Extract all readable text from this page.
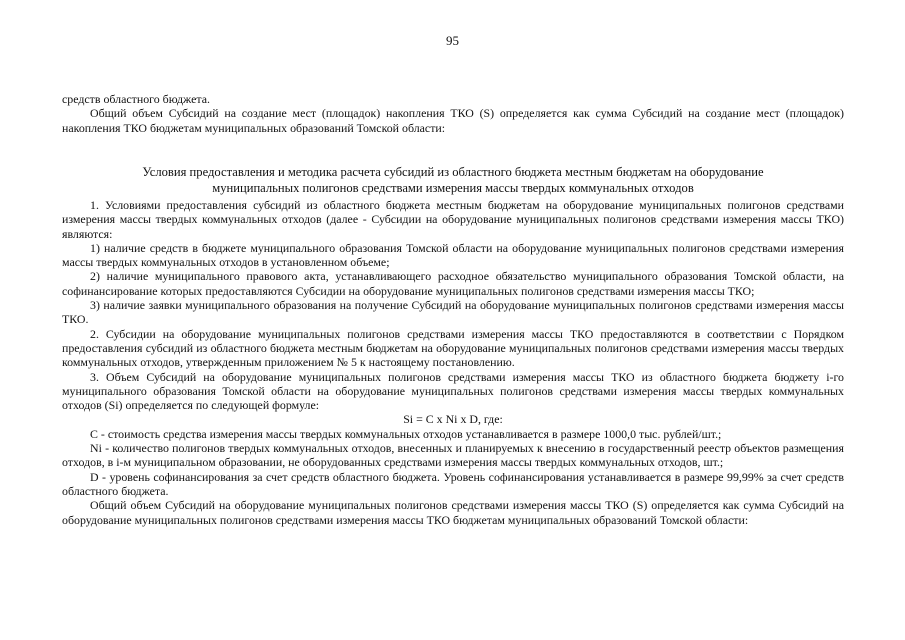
95

средств областного бюджета.

Общий объем Субсидий на создание мест (площадок) накопления ТКО (S) определяется как сумма Субсидий на создание мест (площадок) накопления ТКО бюджетам муниципальных образований Томской области:

Условия предоставления и методика расчета субсидий из областного бюджета местным бюджетам на оборудование
муниципальных полигонов средствами измерения массы твердых коммунальных отходов

1. Условиями предоставления субсидий из областного бюджета местным бюджетам на оборудование муниципальных полигонов средствами измерения массы твердых коммунальных отходов (далее - Субсидии на оборудование муниципальных полигонов средствами измерения массы ТКО) являются:

1) наличие средств в бюджете муниципального образования Томской области на оборудование муниципальных полигонов средствами измерения массы твердых коммунальных отходов в установленном объеме;

2) наличие муниципального правового акта, устанавливающего расходное обязательство муниципального образования Томской области, на софинансирование которых предоставляются Субсидии на оборудование муниципальных полигонов средствами измерения массы ТКО;

3) наличие заявки муниципального образования на получение Субсидий на оборудование муниципальных полигонов средствами измерения массы ТКО.

2. Субсидии на оборудование муниципальных полигонов средствами измерения массы ТКО предоставляются в соответствии с Порядком предоставления субсидий из областного бюджета местным бюджетам на оборудование муниципальных полигонов средствами измерения массы твердых коммунальных отходов, утвержденным приложением № 5 к настоящему постановлению.

3. Объем Субсидий на оборудование муниципальных полигонов средствами измерения массы ТКО из областного бюджета бюджету i-го муниципального образования Томской области на оборудование муниципальных полигонов средствами измерения массы твердых коммунальных отходов (Si) определяется по следующей формуле:

Si = C x Ni x D, где:

C - стоимость средства измерения массы твердых коммунальных отходов устанавливается в размере 1000,0 тыс. рублей/шт.;

Ni - количество полигонов твердых коммунальных отходов, внесенных и планируемых к внесению в государственный реестр объектов размещения отходов, в i-м муниципальном образовании, не оборудованных средствами измерения массы твердых коммунальных отходов, шт.;

D - уровень софинансирования за счет средств областного бюджета. Уровень софинансирования устанавливается в размере 99,99% за счет средств областного бюджета.

Общий объем Субсидий на оборудование муниципальных полигонов средствами измерения массы ТКО (S) определяется как сумма Субсидий на оборудование муниципальных полигонов средствами измерения массы ТКО бюджетам муниципальных образований Томской области:
